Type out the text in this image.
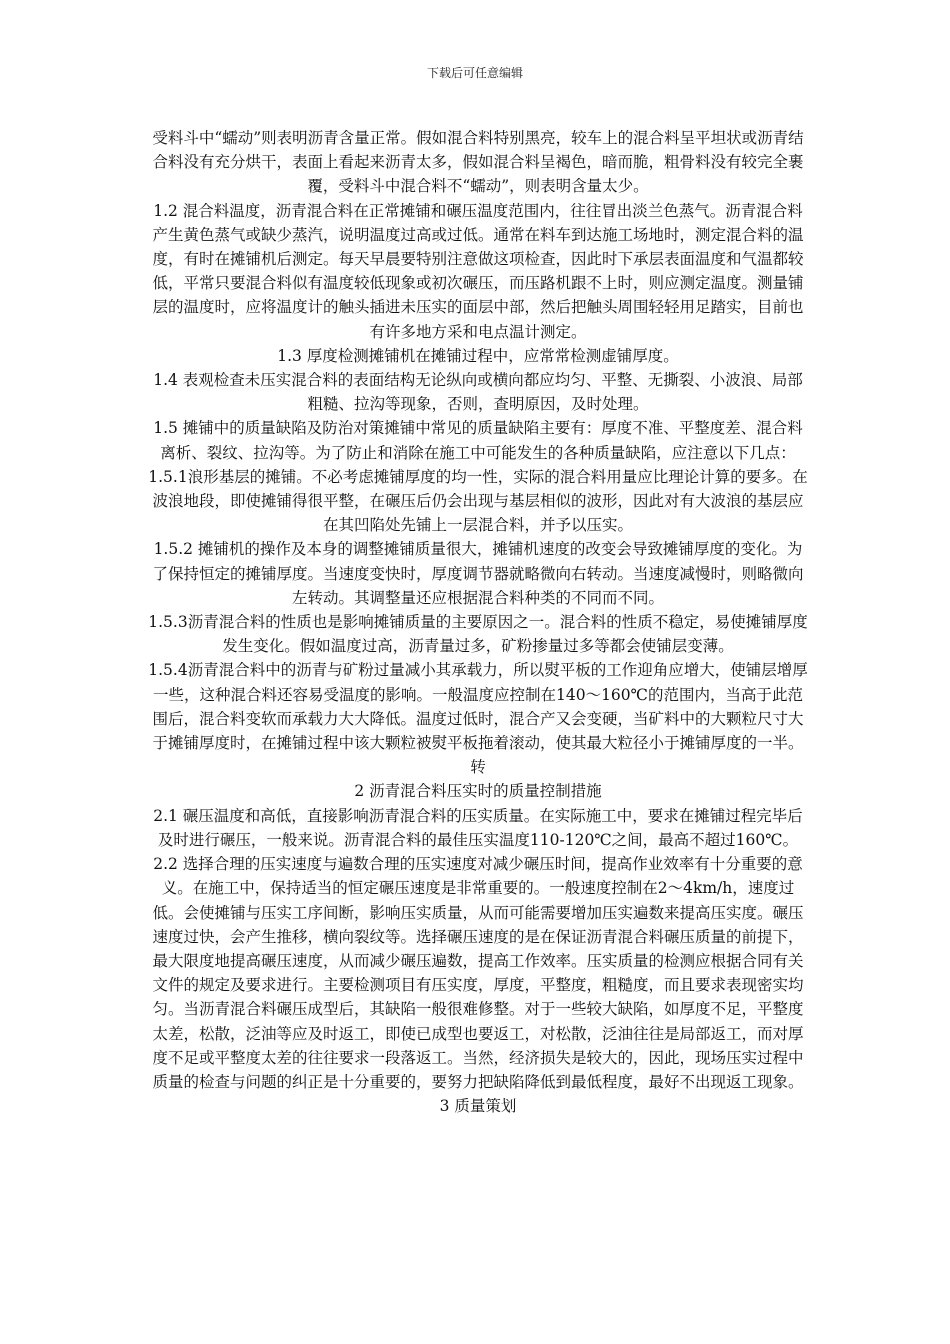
下载后可任意编辑

受料斗中“蠕动”则表明沥青含量正常。假如混合料特别黑亮，较车上的混合料呈平坦状或沥青结合料没有充分烘干，表面上看起来沥青太多，假如混合料呈褐色，暗而脆，粗骨料没有较完全裹覆，受料斗中混合料不“蠕动”，则表明含量太少。

1.2 混合料温度，沥青混合料在正常摊铺和碾压温度范围内，往往冒出淡兰色蒸气。沥青混合料产生黄色蒸气或缺少蒸汽，说明温度过高或过低。通常在料车到达施工场地时，测定混合料的温度，有时在摊铺机后测定。每天早晨要特别注意做这项检查，因此时下承层表面温度和气温都较低，平常只要混合料似有温度较低现象或初次碾压，而压路机跟不上时，则应测定温度。测量铺层的温度时，应将温度计的触头插进未压实的面层中部，然后把触头周围轻轻用足踏实，目前也有许多地方采和电点温计测定。

1.3 厚度检测摊铺机在摊铺过程中，应常常检测虚铺厚度。

1.4 表观检查未压实混合料的表面结构无论纵向或横向都应均匀、平整、无撕裂、小波浪、局部粗糙、拉沟等现象，否则，查明原因，及时处理。

1.5 摊铺中的质量缺陷及防治对策摊铺中常见的质量缺陷主要有：厚度不准、平整度差、混合料离析、裂纹、拉沟等。为了防止和消除在施工中可能发生的各种质量缺陷，应注意以下几点：

1.5.1浪形基层的摊铺。不必考虑摊铺厚度的均一性，实际的混合料用量应比理论计算的要多。在波浪地段，即使摊铺得很平整，在碾压后仍会出现与基层相似的波形，因此对有大波浪的基层应在其凹陷处先铺上一层混合料，并予以压实。

1.5.2 摊铺机的操作及本身的调整摊铺质量很大，摊铺机速度的改变会导致摊铺厚度的变化。为了保持恒定的摊铺厚度。当速度变快时，厚度调节器就略微向右转动。当速度减慢时，则略微向左转动。其调整量还应根据混合料种类的不同而不同。

1.5.3沥青混合料的性质也是影响摊铺质量的主要原因之一。混合料的性质不稳定，易使摊铺厚度发生变化。假如温度过高，沥青量过多，矿粉掺量过多等都会使铺层变薄。

1.5.4沥青混合料中的沥青与矿粉过量减小其承载力，所以熨平板的工作迎角应增大，使铺层增厚一些，这种混合料还容易受温度的影响。一般温度应控制在140～160℃的范围内，当高于此范围后，混合料变软而承载力大大降低。温度过低时，混合产又会变硬，当矿料中的大颗粒尺寸大于摊铺厚度时，在摊铺过程中该大颗粒被熨平板拖着滚动，使其最大粒径小于摊铺厚度的一半。转

2 沥青混合料压实时的质量控制措施

2.1 碾压温度和高低，直接影响沥青混合料的压实质量。在实际施工中，要求在摊铺过程完毕后及时进行碾压，一般来说。沥青混合料的最佳压实温度110-120℃之间，最高不超过160℃。

2.2 选择合理的压实速度与遍数合理的压实速度对减少碾压时间，提高作业效率有十分重要的意义。在施工中，保持适当的恒定碾压速度是非常重要的。一般速度控制在2～4km/h，速度过低。会使摊铺与压实工序间断，影响压实质量，从而可能需要增加压实遍数来提高压实度。碾压速度过快，会产生推移，横向裂纹等。选择碾压速度的是在保证沥青混合料碾压质量的前提下，最大限度地提高碾压速度，从而减少碾压遍数，提高工作效率。压实质量的检测应根据合同有关文件的规定及要求进行。主要检测项目有压实度，厚度，平整度，粗糙度，而且要求表现密实均匀。当沥青混合料碾压成型后，其缺陷一般很难修整。对于一些较大缺陷，如厚度不足，平整度太差，松散，泛油等应及时返工，即使已成型也要返工，对松散，泛油往往是局部返工，而对厚度不足或平整度太差的往往要求一段落返工。当然，经济损失是较大的，因此，现场压实过程中质量的检查与问题的纠正是十分重要的，要努力把缺陷降低到最低程度，最好不出现返工现象。

3 质量策划
